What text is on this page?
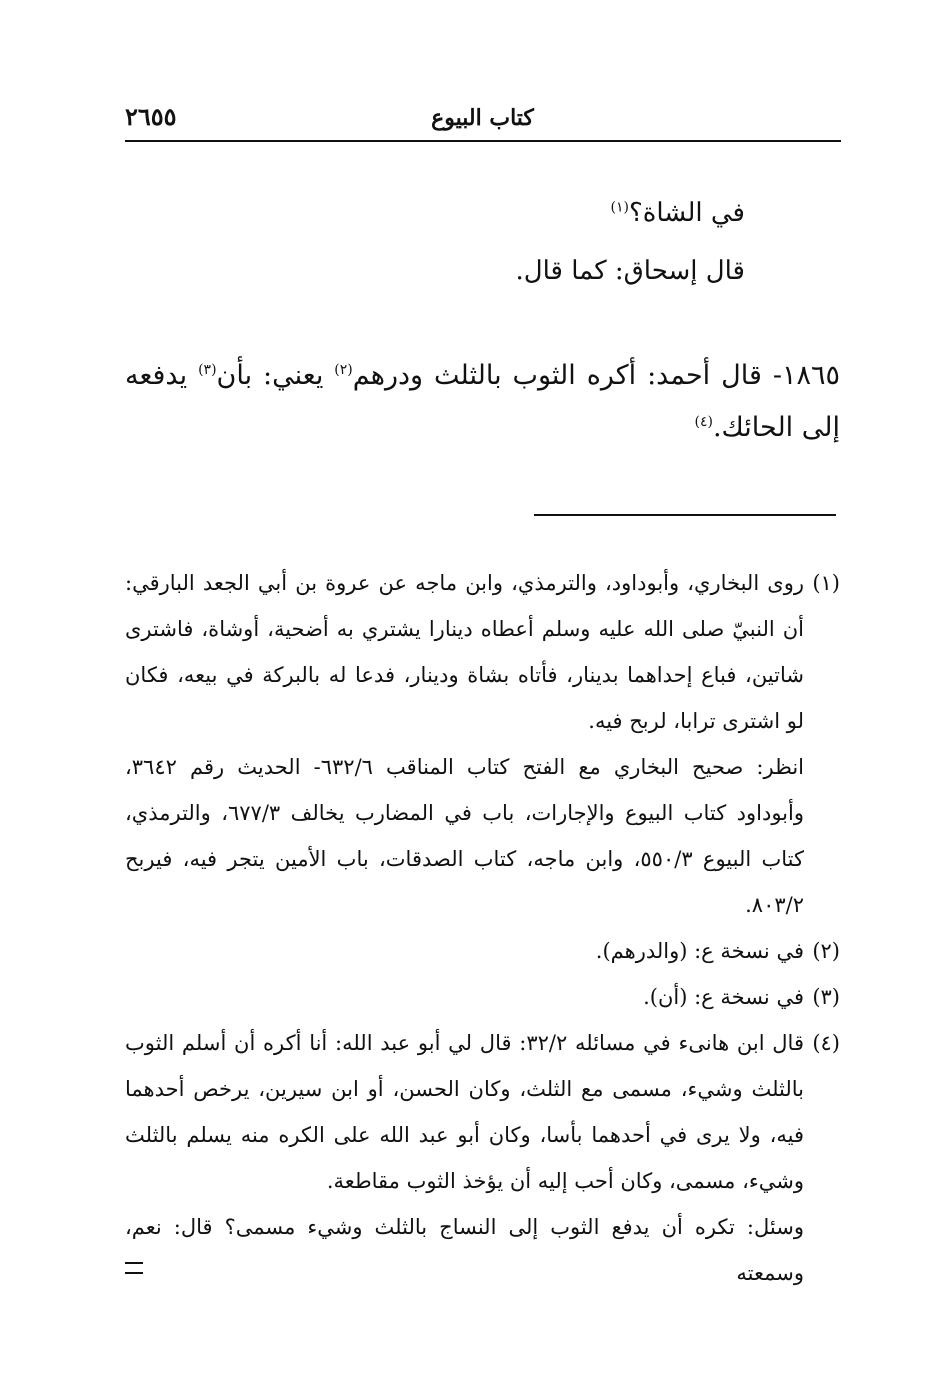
كتاب البيوع
٢٦٥٥

في الشاة؟$^{(١)}$

قال إسحاق: كما قال.

١٨٦٥- قال أحمد: أكره الثوب بالثلث ودرهم$^{(٢)}$ يعني: بأن$^{(٣)}$ يدفعه إلى الحائك.$^{(٤)}$

(١)روى البخاري، وأبوداود، والترمذي، وابن ماجه عن عروة بن أبي الجعد البارقي: أن النبيّ صلى الله عليه وسلم أعطاه دينارا يشتري به أضحية، أوشاة، فاشترى شاتين، فباع إحداهما بدينار، فأتاه بشاة ودينار، فدعا له بالبركة في بيعه، فكان لو اشترى ترابا، لربح فيه.

انظر: صحيح البخاري مع الفتح كتاب المناقب ٦٣٢/٦- الحديث رقم ٣٦٤٢، وأبوداود كتاب البيوع والإجارات، باب في المضارب يخالف ٦٧٧/٣، والترمذي، كتاب البيوع ٥٥٠/٣، وابن ماجه، كتاب الصدقات، باب الأمين يتجر فيه، فيربح ٨٠٣/٢.

(٢)في نسخة ع: (والدرهم).

(٣)في نسخة ع: (أن).

(٤)قال ابن هانىء في مسائله ٣٢/٢: قال لي أبو عبد الله: أنا أكره أن أسلم الثوب بالثلث وشيء، مسمى مع الثلث، وكان الحسن، أو ابن سيرين، يرخص أحدهما فيه، ولا يرى في أحدهما بأسا، وكان أبو عبد الله على الكره منه يسلم بالثلث وشيء، مسمى، وكان أحب إليه أن يؤخذ الثوب مقاطعة.

وسئل: تكره أن يدفع الثوب إلى النساج بالثلث وشيء مسمى؟ قال: نعم، وسمعته
